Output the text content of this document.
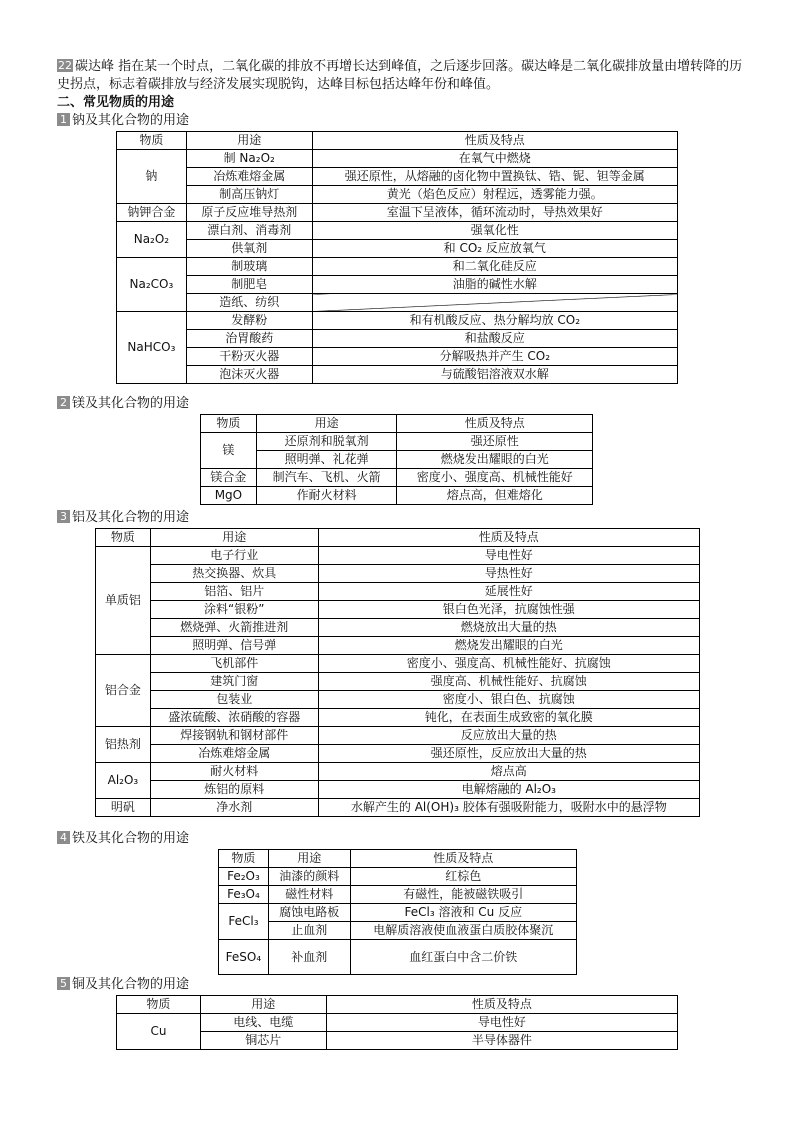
22 碳达峰 指在某一个时点，二氧化碳的排放不再增长达到峰值，之后逐步回落。碳达峰是二氧化碳排放量由增转降的历史拐点，标志着碳排放与经济发展实现脱钩，达峰目标包括达峰年份和峰值。
二、常见物质的用途
1 钠及其化合物的用途
物质	用途	性质及特点
钠	制 Na₂O₂	在氧气中燃烧
	冶炼难熔金属	强还原性，从熔融的卤化物中置换钛、锆、铌、钽等金属
	制高压钠灯	黄光（焰色反应）射程远，透雾能力强。
钠钾合金	原子反应堆导热剂	室温下呈液体，循环流动时，导热效果好
Na₂O₂	漂白剂、消毒剂	强氧化性
	供氧剂	和 CO₂ 反应放氧气
Na₂CO₃	制玻璃	和二氧化硅反应
	制肥皂	油脂的碱性水解
	造纸、纺织	
NaHCO₃	发酵粉	和有机酸反应、热分解均放 CO₂
	治胃酸药	和盐酸反应
	干粉灭火器	分解吸热并产生 CO₂
	泡沫灭火器	与硫酸铝溶液双水解
2 镁及其化合物的用途
物质	用途	性质及特点
镁	还原剂和脱氧剂	强还原性
	照明弹、礼花弹	燃烧发出耀眼的白光
镁合金	制汽车、飞机、火箭	密度小、强度高、机械性能好
MgO	作耐火材料	熔点高，但难熔化
3 铝及其化合物的用途
物质	用途	性质及特点
单质铝	电子行业	导电性好
	热交换器、炊具	导热性好
	铝箔、铝片	延展性好
	涂料“银粉”	银白色光泽，抗腐蚀性强
	燃烧弹、火箭推进剂	燃烧放出大量的热
	照明弹、信号弹	燃烧发出耀眼的白光
铝合金	飞机部件	密度小、强度高、机械性能好、抗腐蚀
	建筑门窗	强度高、机械性能好、抗腐蚀
	包装业	密度小、银白色、抗腐蚀
	盛浓硫酸、浓硝酸的容器	钝化，在表面生成致密的氧化膜
铝热剂	焊接钢轨和钢材部件	反应放出大量的热
	冶炼难熔金属	强还原性，反应放出大量的热
Al₂O₃	耐火材料	熔点高
	炼铝的原料	电解熔融的 Al₂O₃
明矾	净水剂	水解产生的 Al(OH)₃ 胶体有强吸附能力，吸附水中的悬浮物
4 铁及其化合物的用途
物质	用途	性质及特点
Fe₂O₃	油漆的颜料	红棕色
Fe₃O₄	磁性材料	有磁性，能被磁铁吸引
FeCl₃	腐蚀电路板	FeCl₃ 溶液和 Cu 反应
	止血剂	电解质溶液使血液蛋白质胶体聚沉
FeSO₄	补血剂	血红蛋白中含二价铁
5 铜及其化合物的用途
物质	用途	性质及特点
Cu	电线、电缆	导电性好
	铜芯片	半导体器件
